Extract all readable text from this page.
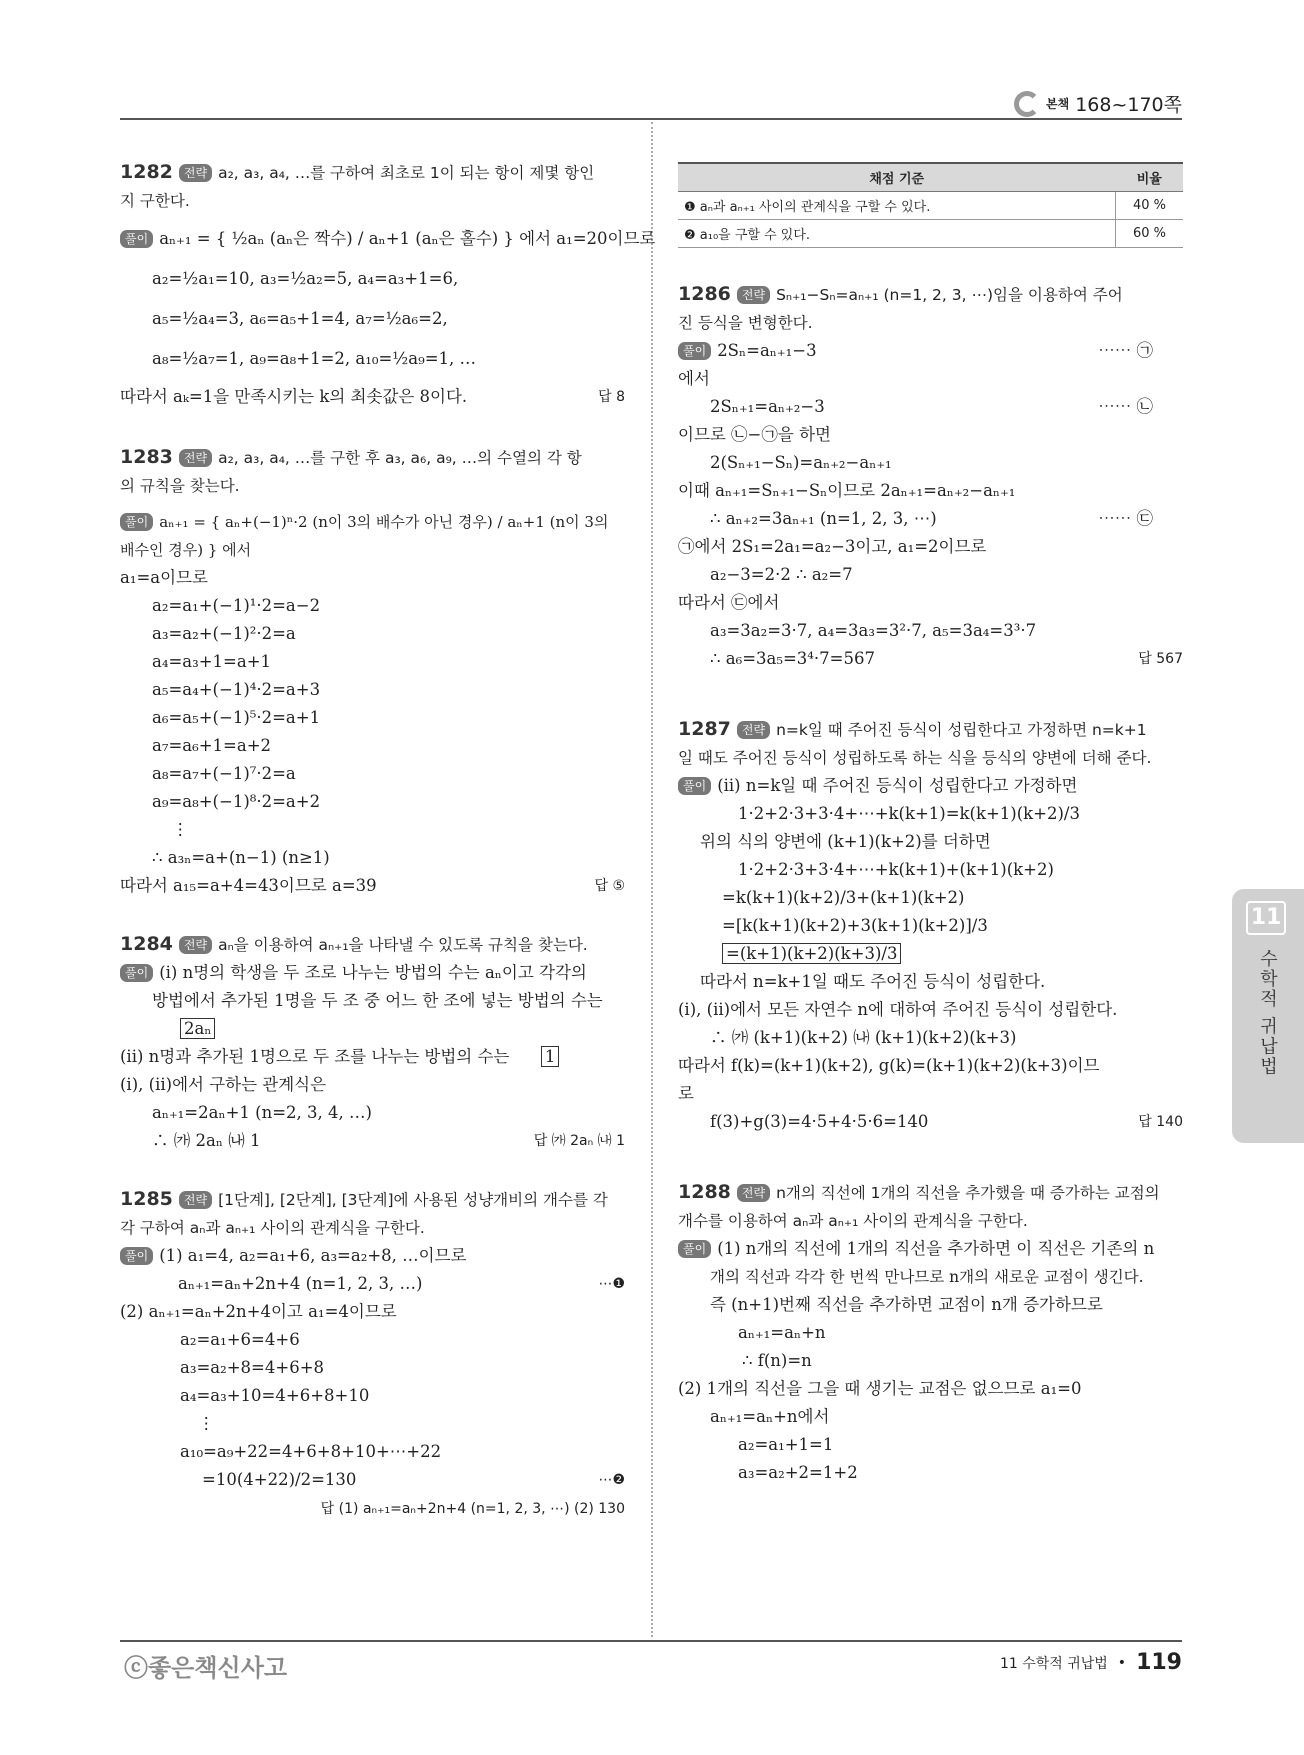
본책 168~170쪽

1282 전략 a₂, a₃, a₄, …를 구하여 최초로 1이 되는 항이 제몇 항인

지 구한다.

풀이 aₙ₊₁ = { ½aₙ (aₙ은 짝수) / aₙ+1 (aₙ은 홀수) } 에서 a₁=20이므로

a₂=½a₁=10, a₃=½a₂=5, a₄=a₃+1=6,

a₅=½a₄=3, a₆=a₅+1=4, a₇=½a₆=2,

a₈=½a₇=1, a₉=a₈+1=2, a₁₀=½a₉=1, …

따라서 aₖ=1을 만족시키는 k의 최솟값은 8이다.	답 8

1283 전략 a₂, a₃, a₄, …를 구한 후 a₃, a₆, a₉, …의 수열의 각 항

의 규칙을 찾는다.

풀이 aₙ₊₁ = { aₙ+(−1)ⁿ·2 (n이 3의 배수가 아닌 경우) / aₙ+1 (n이 3의 배수인 경우) } 에서

a₁=a이므로

a₂=a₁+(−1)¹·2=a−2

a₃=a₂+(−1)²·2=a

a₄=a₃+1=a+1

a₅=a₄+(−1)⁴·2=a+3

a₆=a₅+(−1)⁵·2=a+1

a₇=a₆+1=a+2

a₈=a₇+(−1)⁷·2=a

a₉=a₈+(−1)⁸·2=a+2

⋮

∴ a₃ₙ=a+(n−1) (n≥1)

따라서 a₁₅=a+4=43이므로 a=39	답 ⑤

1284 전략 aₙ을 이용하여 aₙ₊₁을 나타낼 수 있도록 규칙을 찾는다.

풀이 (i) n명의 학생을 두 조로 나누는 방법의 수는 aₙ이고 각각의

방법에서 추가된 1명을 두 조 중 어느 한 조에 넣는 방법의 수는

2aₙ

(ii) n명과 추가된 1명으로 두 조를 나누는 방법의 수는 1

(i), (ii)에서 구하는 관계식은

aₙ₊₁=2aₙ+1 (n=2, 3, 4, …)

∴ ㈎ 2aₙ ㈏ 1	답 ㈎ 2aₙ ㈏ 1

1285 전략 [1단계], [2단계], [3단계]에 사용된 성냥개비의 개수를 각

각 구하여 aₙ과 aₙ₊₁ 사이의 관계식을 구한다.

풀이 (1) a₁=4, a₂=a₁+6, a₃=a₂+8, …이므로

aₙ₊₁=aₙ+2n+4 (n=1, 2, 3, …)	⋯❶

(2) aₙ₊₁=aₙ+2n+4이고 a₁=4이므로

a₂=a₁+6=4+6

a₃=a₂+8=4+6+8

a₄=a₃+10=4+6+8+10

⋮

a₁₀=a₉+22=4+6+8+10+⋯+22

=10(4+22)/2=130	⋯❷

답 (1) aₙ₊₁=aₙ+2n+4 (n=1, 2, 3, ⋯) (2) 130

채점 기준	비율
❶ aₙ과 aₙ₊₁ 사이의 관계식을 구할 수 있다.	40 %
❷ a₁₀을 구할 수 있다.	60 %

1286 전략 Sₙ₊₁−Sₙ=aₙ₊₁ (n=1, 2, 3, ⋯)임을 이용하여 주어

진 등식을 변형한다.

풀이 2Sₙ=aₙ₊₁−3	⋯⋯ ㉠

에서

2Sₙ₊₁=aₙ₊₂−3	⋯⋯ ㉡

이므로 ㉡−㉠을 하면

2(Sₙ₊₁−Sₙ)=aₙ₊₂−aₙ₊₁

이때 aₙ₊₁=Sₙ₊₁−Sₙ이므로 2aₙ₊₁=aₙ₊₂−aₙ₊₁

∴ aₙ₊₂=3aₙ₊₁ (n=1, 2, 3, ⋯)	⋯⋯ ㉢

㉠에서 2S₁=2a₁=a₂−3이고, a₁=2이므로

a₂−3=2·2 ∴ a₂=7

따라서 ㉢에서

a₃=3a₂=3·7, a₄=3a₃=3²·7, a₅=3a₄=3³·7

∴ a₆=3a₅=3⁴·7=567	답 567

1287 전략 n=k일 때 주어진 등식이 성립한다고 가정하면 n=k+1

일 때도 주어진 등식이 성립하도록 하는 식을 등식의 양변에 더해 준다.

풀이 (ii) n=k일 때 주어진 등식이 성립한다고 가정하면

1·2+2·3+3·4+⋯+k(k+1)=k(k+1)(k+2)/3

위의 식의 양변에 (k+1)(k+2)를 더하면

1·2+2·3+3·4+⋯+k(k+1)+(k+1)(k+2)

=k(k+1)(k+2)/3+(k+1)(k+2)

=[k(k+1)(k+2)+3(k+1)(k+2)]/3

=(k+1)(k+2)(k+3)/3

따라서 n=k+1일 때도 주어진 등식이 성립한다.

(i), (ii)에서 모든 자연수 n에 대하여 주어진 등식이 성립한다.

∴ ㈎ (k+1)(k+2) ㈏ (k+1)(k+2)(k+3)

따라서 f(k)=(k+1)(k+2), g(k)=(k+1)(k+2)(k+3)이므

로

f(3)+g(3)=4·5+4·5·6=140	답 140

1288 전략 n개의 직선에 1개의 직선을 추가했을 때 증가하는 교점의

개수를 이용하여 aₙ과 aₙ₊₁ 사이의 관계식을 구한다.

풀이 (1) n개의 직선에 1개의 직선을 추가하면 이 직선은 기존의 n

개의 직선과 각각 한 번씩 만나므로 n개의 새로운 교점이 생긴다.

즉 (n+1)번째 직선을 추가하면 교점이 n개 증가하므로

aₙ₊₁=aₙ+n

∴ f(n)=n

(2) 1개의 직선을 그을 때 생기는 교점은 없으므로 a₁=0

aₙ₊₁=aₙ+n에서

a₂=a₁+1=1

a₃=a₂+2=1+2

11
수학적 귀납법
ⓒ좋은책신사고	11 수학적 귀납법 • 119
